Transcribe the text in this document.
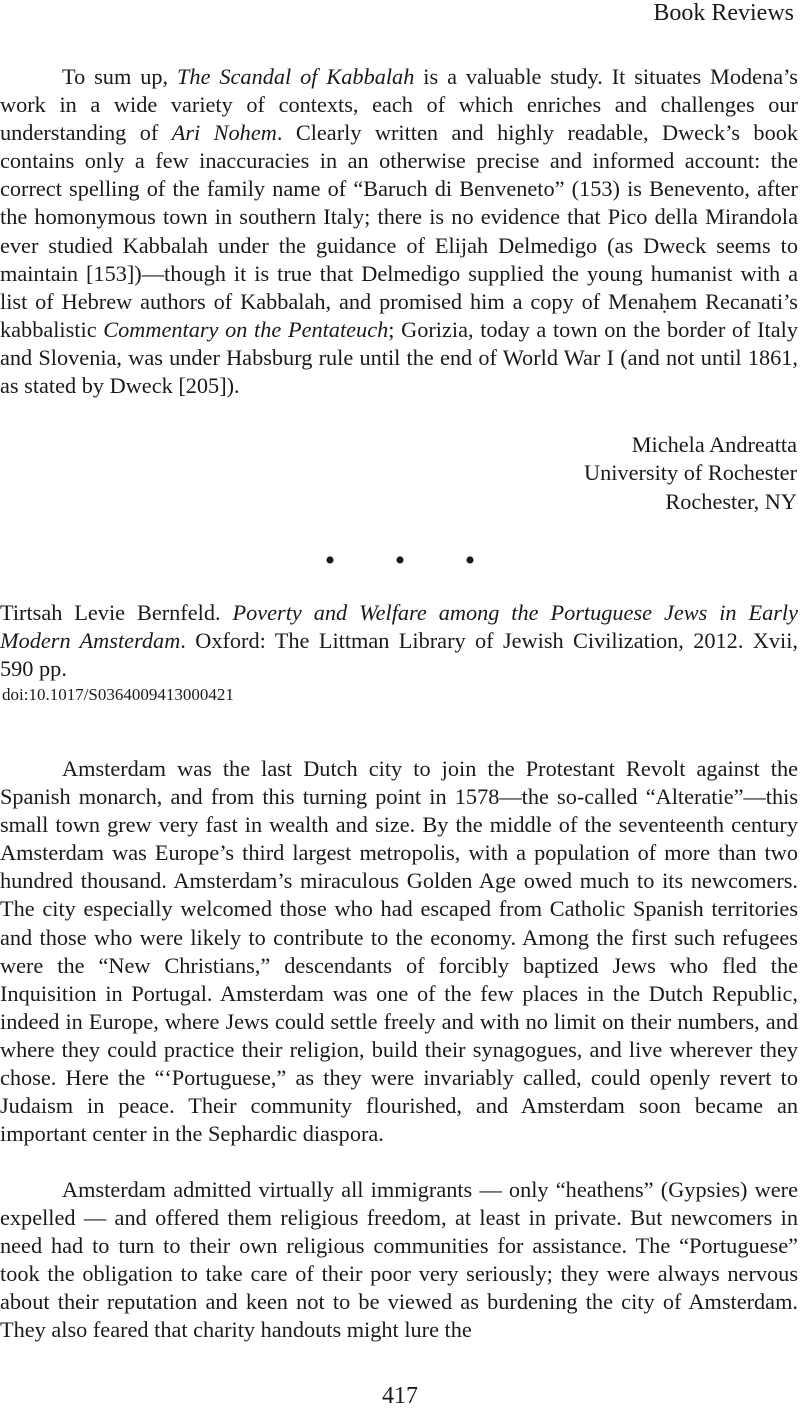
Book Reviews

To sum up, The Scandal of Kabbalah is a valuable study. It situates Modena’s work in a wide variety of contexts, each of which enriches and challenges our understanding of Ari Nohem. Clearly written and highly readable, Dweck’s book contains only a few inaccuracies in an otherwise precise and informed account: the correct spelling of the family name of “Baruch di Benveneto” (153) is Benevento, after the homonymous town in southern Italy; there is no evidence that Pico della Mirandola ever studied Kabbalah under the guidance of Elijah Delmedigo (as Dweck seems to maintain [153])—though it is true that Delmedigo supplied the young humanist with a list of Hebrew authors of Kabbalah, and promised him a copy of Menaḥem Recanati’s kabbalistic Commentary on the Pentateuch; Gorizia, today a town on the border of Italy and Slovenia, was under Habsburg rule until the end of World War I (and not until 1861, as stated by Dweck [205]).

Michela Andreatta
University of Rochester
Rochester, NY
• • •

Tirtsah Levie Bernfeld. Poverty and Welfare among the Portuguese Jews in Early Modern Amsterdam. Oxford: The Littman Library of Jewish Civilization, 2012. Xvii, 590 pp.

doi:10.1017/S0364009413000421

Amsterdam was the last Dutch city to join the Protestant Revolt against the Spanish monarch, and from this turning point in 1578—the so-called “Alteratie”—this small town grew very fast in wealth and size. By the middle of the seventeenth century Amsterdam was Europe’s third largest metropolis, with a population of more than two hundred thousand. Amsterdam’s miraculous Golden Age owed much to its newcomers. The city especially welcomed those who had escaped from Catholic Spanish territories and those who were likely to contribute to the economy. Among the first such refugees were the “New Christians,” descendants of forcibly baptized Jews who fled the Inquisition in Portugal. Amsterdam was one of the few places in the Dutch Republic, indeed in Europe, where Jews could settle freely and with no limit on their numbers, and where they could practice their religion, build their synagogues, and live wherever they chose. Here the “‘Portuguese,” as they were invariably called, could openly revert to Judaism in peace. Their community flourished, and Amsterdam soon became an important center in the Sephardic diaspora.

Amsterdam admitted virtually all immigrants — only “heathens” (Gypsies) were expelled — and offered them religious freedom, at least in private. But newcomers in need had to turn to their own religious communities for assistance. The “Portuguese” took the obligation to take care of their poor very seriously; they were always nervous about their reputation and keen not to be viewed as burdening the city of Amsterdam. They also feared that charity handouts might lure the

417
